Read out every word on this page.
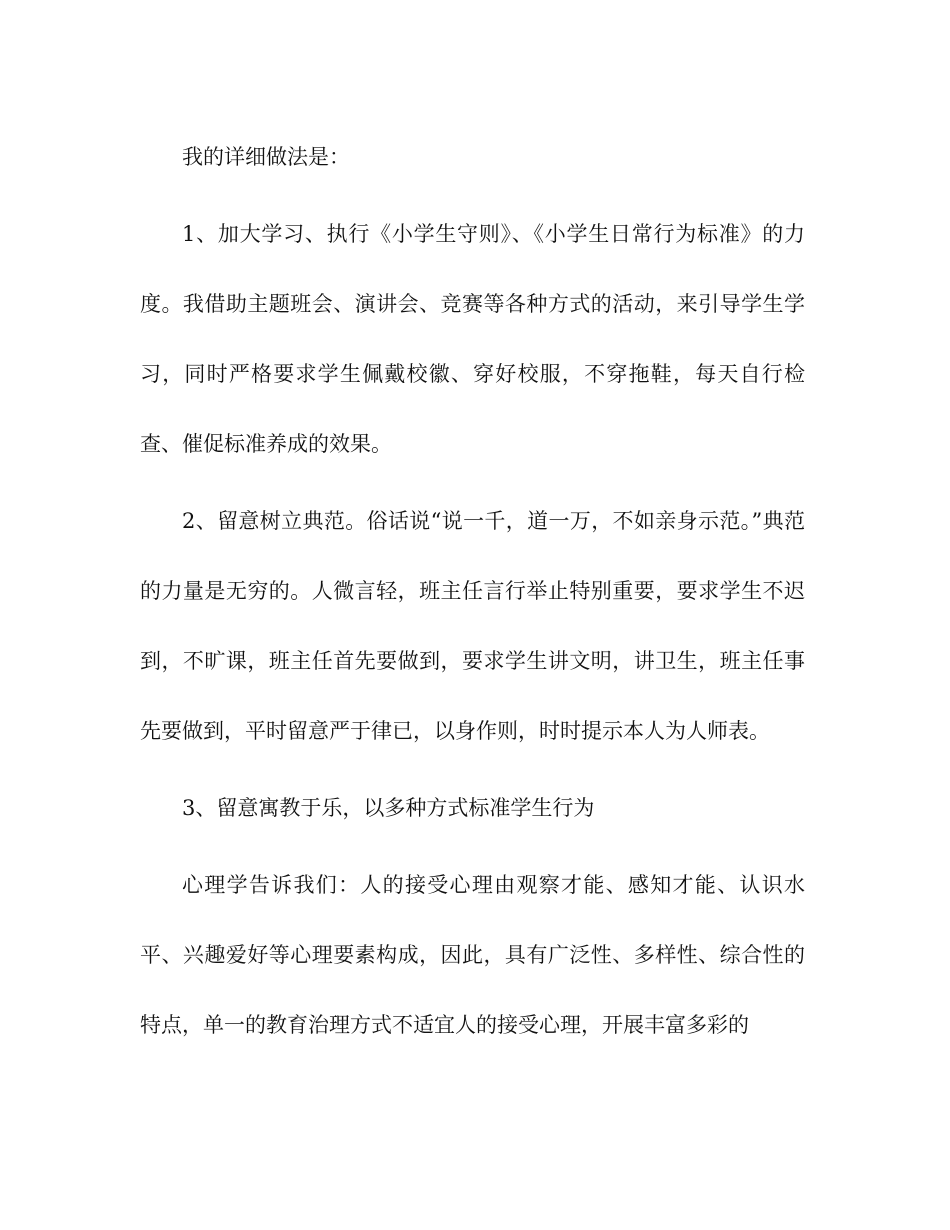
我的详细做法是：

1、加大学习、执行《小学生守则》、《小学生日常行为标准》的力度。我借助主题班会、演讲会、竞赛等各种方式的活动，来引导学生学习，同时严格要求学生佩戴校徽、穿好校服，不穿拖鞋，每天自行检查、催促标准养成的效果。

2、留意树立典范。俗话说“说一千，道一万，不如亲身示范。”典范的力量是无穷的。人微言轻，班主任言行举止特别重要，要求学生不迟到，不旷课，班主任首先要做到，要求学生讲文明，讲卫生，班主任事先要做到，平时留意严于律已，以身作则，时时提示本人为人师表。

3、留意寓教于乐，以多种方式标准学生行为

心理学告诉我们：人的接受心理由观察才能、感知才能、认识水平、兴趣爱好等心理要素构成，因此，具有广泛性、多样性、综合性的特点，单一的教育治理方式不适宜人的接受心理，开展丰富多彩的
